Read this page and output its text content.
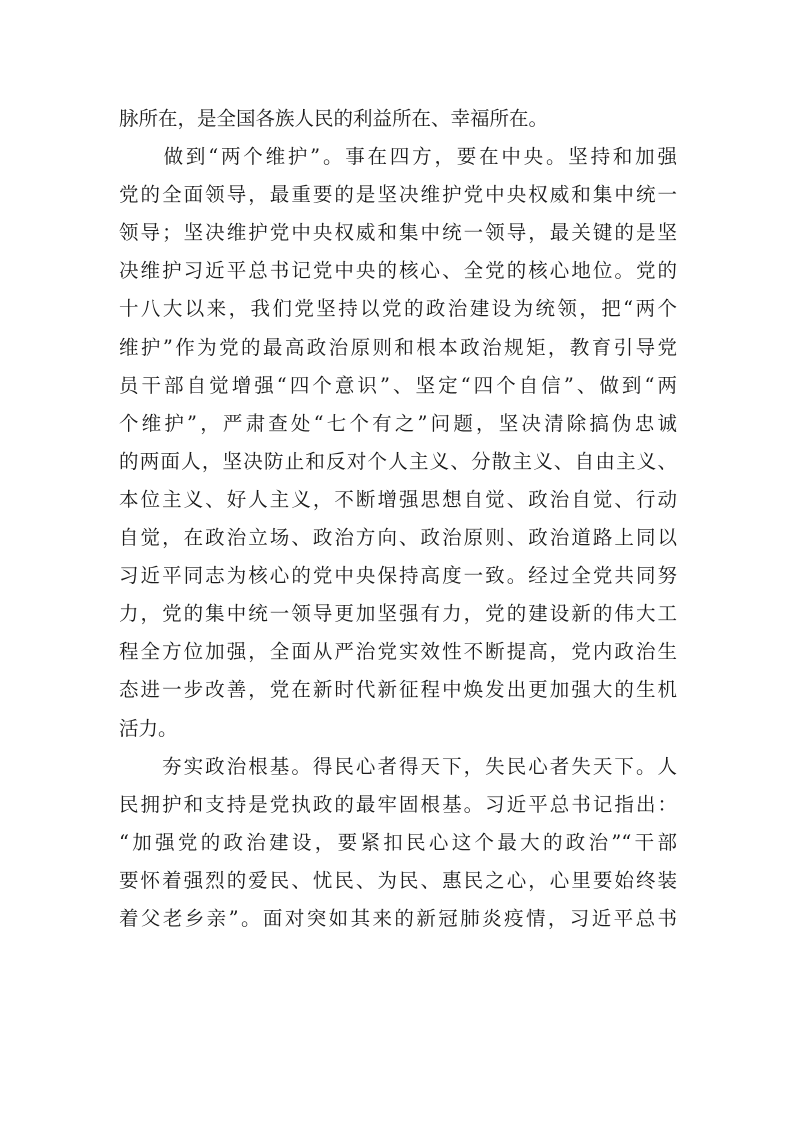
脉所在，是全国各族人民的利益所在、幸福所在。
　　做到“两个维护”。事在四方，要在中央。坚持和加强
党的全面领导，最重要的是坚决维护党中央权威和集中统一
领导；坚决维护党中央权威和集中统一领导，最关键的是坚
决维护习近平总书记党中央的核心、全党的核心地位。党的
十八大以来，我们党坚持以党的政治建设为统领，把“两个
维护”作为党的最高政治原则和根本政治规矩，教育引导党
员干部自觉增强“四个意识”、坚定“四个自信”、做到“两
个维护”，严肃查处“七个有之”问题，坚决清除搞伪忠诚
的两面人，坚决防止和反对个人主义、分散主义、自由主义、
本位主义、好人主义，不断增强思想自觉、政治自觉、行动
自觉，在政治立场、政治方向、政治原则、政治道路上同以
习近平同志为核心的党中央保持高度一致。经过全党共同努
力，党的集中统一领导更加坚强有力，党的建设新的伟大工
程全方位加强，全面从严治党实效性不断提高，党内政治生
态进一步改善，党在新时代新征程中焕发出更加强大的生机
活力。
　　夯实政治根基。得民心者得天下，失民心者失天下。人
民拥护和支持是党执政的最牢固根基。习近平总书记指出：
“加强党的政治建设，要紧扣民心这个最大的政治”“干部
要怀着强烈的爱民、忧民、为民、惠民之心，心里要始终装
着父老乡亲”。面对突如其来的新冠肺炎疫情，习近平总书
